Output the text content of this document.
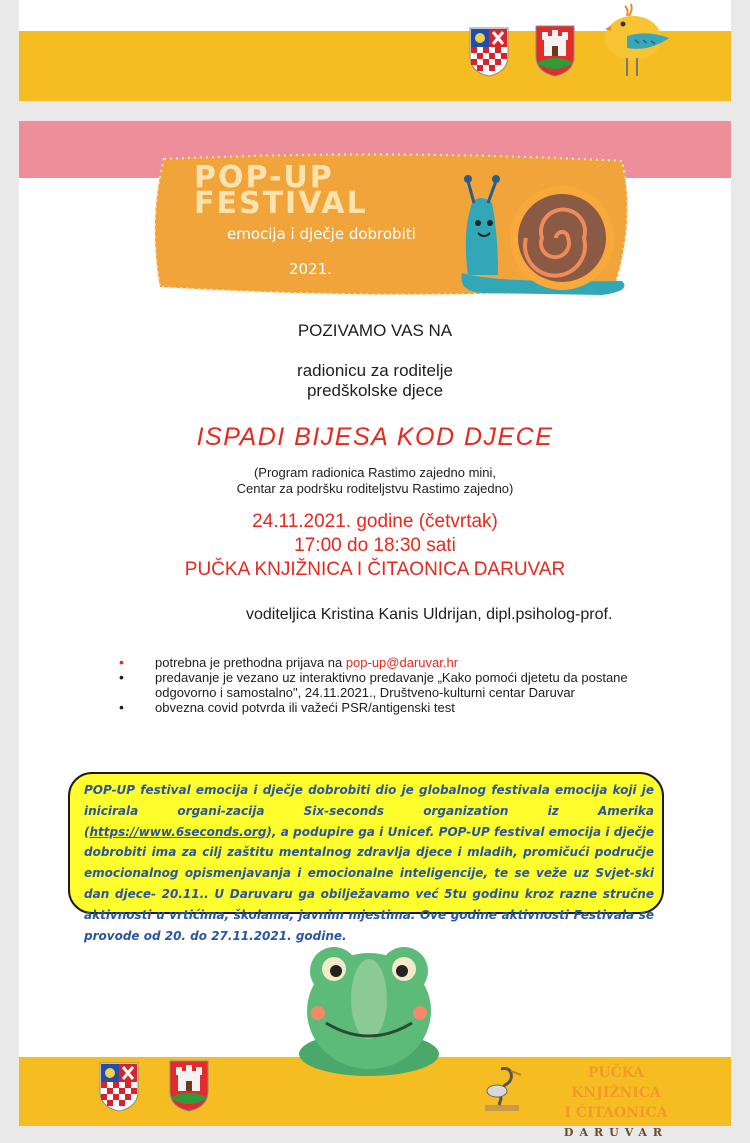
POP-UP
FESTIVAL
emocija i dječje dobrobiti
2021.
POZIVAMO VAS NA
radionicu za roditelje
predškolske djece
ISPADI BIJESA KOD DJECE
(Program radionica Rastimo zajedno mini,
Centar za podršku roditeljstvu Rastimo zajedno)
24.11.2021. godine (četvrtak)
17:00 do 18:30 sati
PUČKA KNJIŽNICA I ČITAONICA DARUVAR
voditeljica Kristina Kanis Uldrijan, dipl.psiholog-prof.
• potrebna je prethodna prijava na pop-up@daruvar.hr
• predavanje je vezano uz interaktivno predavanje „Kako pomoći djetetu da postane
odgovorno i samostalno", 24.11.2021., Društveno-kulturni centar Daruvar
• obvezna covid potvrda ili važeći PSR/antigenski test
POP-UP festival emocija i dječje dobrobiti dio je globalnog festivala emocija koji je inicirala organi-zacija Six-seconds organization iz Amerika (https://www.6seconds.org), a podupire ga i Unicef. POP-UP festival emocija i dječje dobrobiti ima za cilj zaštitu mentalnog zdravlja djece i mladih, promičući područje emocionalnog opismenjavanja i emocionalne inteligencije, te se veže uz Svjet-ski dan djece- 20.11.. U Daruvaru ga obilježavamo već 5tu godinu kroz razne stručne aktivnosti u vrtićima, školama, javnim mjestima. Ove godine aktivnosti Festivala se provode od 20. do 27.11.2021. godine.
PUČKA KNJIŽNICA
I ČITAONICA
DARUVAR
